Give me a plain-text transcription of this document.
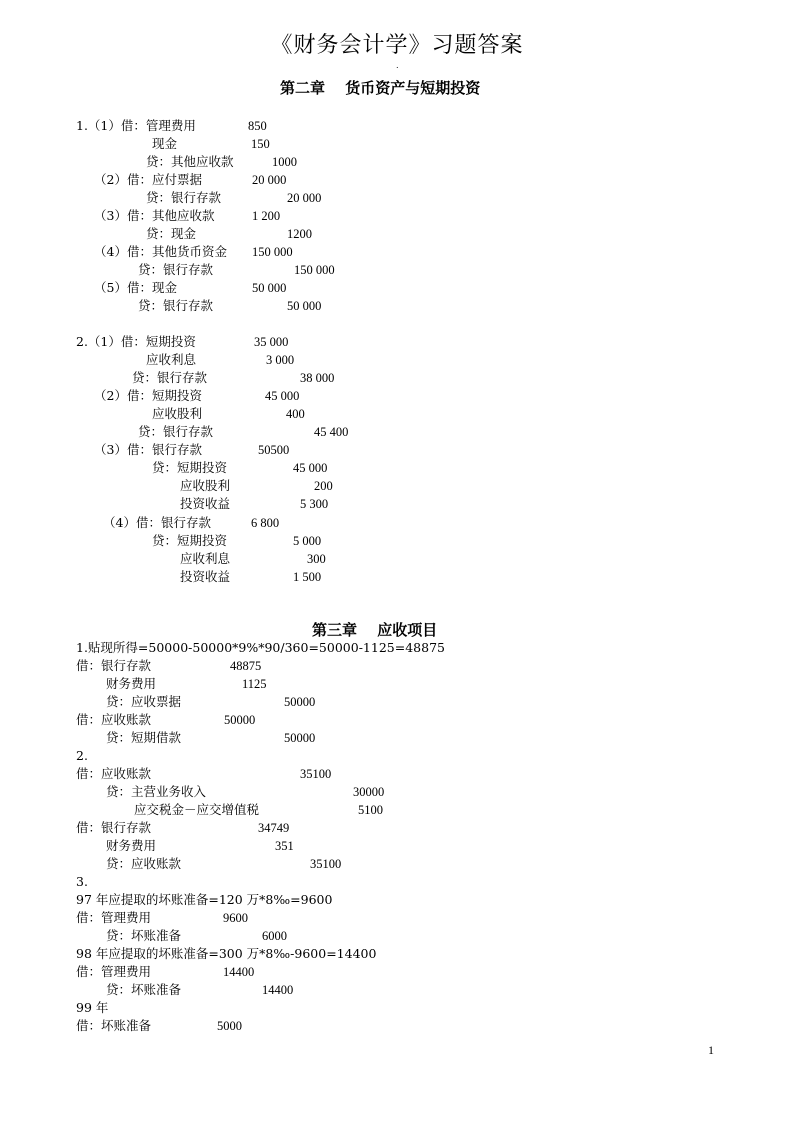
《财务会计学》习题答案
.
第二章　 货币资产与短期投资
1.（1）借：管理费用	850
现金	150
贷：其他应收款	1000
（2）借：应付票据	20 000
贷：银行存款	20 000
（3）借：其他应收款	1 200
贷：现金	1200
（4）借：其他货币资金 150 000
贷：银行存款	150 000
（5）借：现金	50 000
贷：银行存款	50 000
2.（1）借：短期投资	35 000
应收利息	3 000
贷：银行存款	38 000
（2）借：短期投资	45 000
应收股利	400
贷：银行存款	45 400
（3）借：银行存款	50500
贷：短期投资	45 000
应收股利	200
投资收益	5 300
（4）借：银行存款	6 800
贷：短期投资	5 000
应收利息	300
投资收益	1 500
第三章　 应收项目
1.贴现所得=50000-50000*9%*90/360=50000-1125=48875
借：银行存款	48875
财务费用	1125
贷：应收票据	50000
借：应收账款	50000
贷：短期借款	50000
2.
借：应收账款	35100
贷：主营业务收入	30000
应交税金－应交增值税	5100
借：银行存款	34749
财务费用	351
贷：应收账款	35100
3.
97 年应提取的坏账准备=120 万*8‰=9600
借：管理费用	9600
贷：坏账准备	6000
98 年应提取的坏账准备=300 万*8‰-9600=14400
借：管理费用	14400
贷：坏账准备	14400
99 年
借：坏账准备	5000
1
